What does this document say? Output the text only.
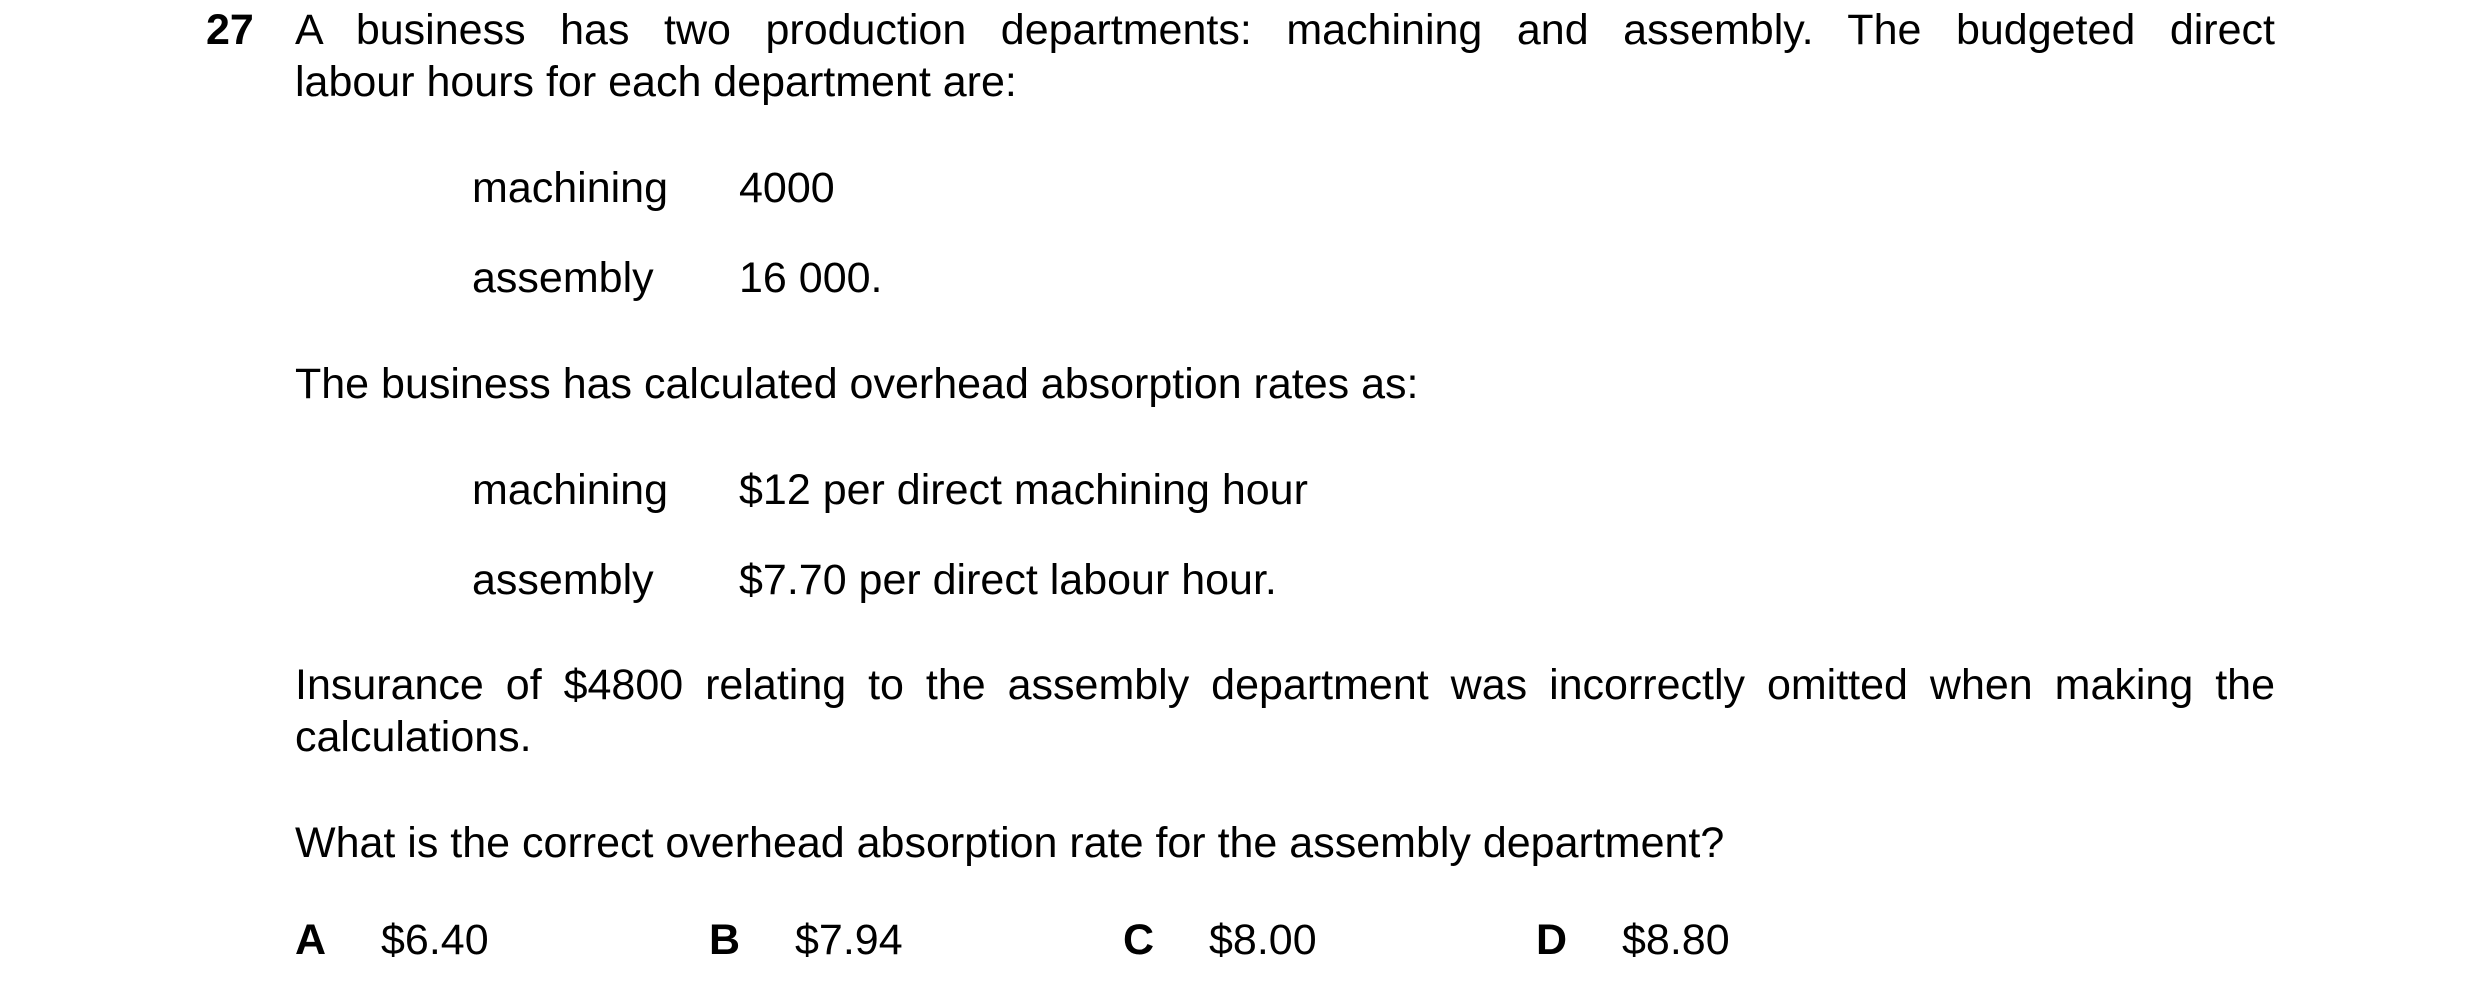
27 A business has two production departments: machining and assembly. The budgeted direct
labour hours for each department are:
machining 4000
assembly 16 000.
The business has calculated overhead absorption rates as:
machining $12 per direct machining hour
assembly $7.70 per direct labour hour.
Insurance of $4800 relating to the assembly department was incorrectly omitted when making the
calculations.
What is the correct overhead absorption rate for the assembly department?
A $6.40	B $7.94	C $8.00	D $8.80
